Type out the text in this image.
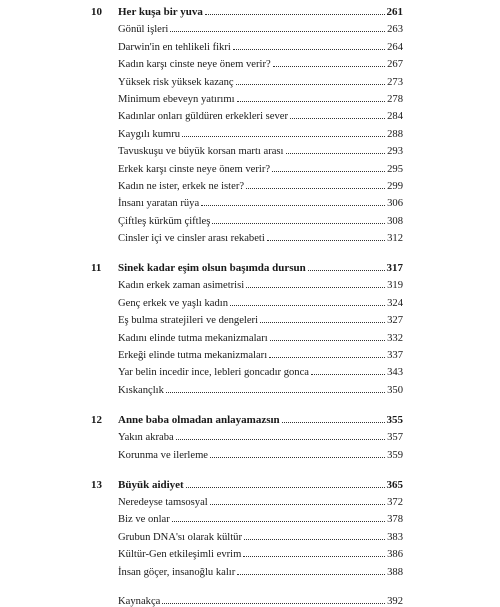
10	Her kuşa bir yuva	261
Gönül işleri	263
Darwin'in en tehlikeli fikri	264
Kadın karşı cinste neye önem verir?	267
Yüksek risk yüksek kazanç	273
Minimum ebeveyn yatırımı	278
Kadınlar onları güldüren erkekleri sever	284
Kaygılı kumru	288
Tavuskuşu ve büyük korsan martı arası	293
Erkek karşı cinste neye önem verir?	295
Kadın ne ister, erkek ne ister?	299
İnsanı yaratan rüya	306
Çiftleş kürküm çiftleş	308
Cinsler içi ve cinsler arası rekabeti	312
11	Sinek kadar eşim olsun başımda dursun	317
Kadın erkek zaman asimetrisi	319
Genç erkek ve yaşlı kadın	324
Eş bulma stratejileri ve dengeleri	327
Kadını elinde tutma mekanizmaları	332
Erkeği elinde tutma mekanizmaları	337
Yar belin incedir ince, lebleri goncadır gonca	343
Kıskançlık	350
12	Anne baba olmadan anlayamazsın	355
Yakın akraba	357
Korunma ve ilerleme	359
13	Büyük aidiyet	365
Neredeyse tamsosyal	372
Biz ve onlar	378
Grubun DNA'sı olarak kültür	383
Kültür-Gen etkileşimli evrim	386
İnsan göçer, insanoğlu kalır	388
Kaynakça	392
